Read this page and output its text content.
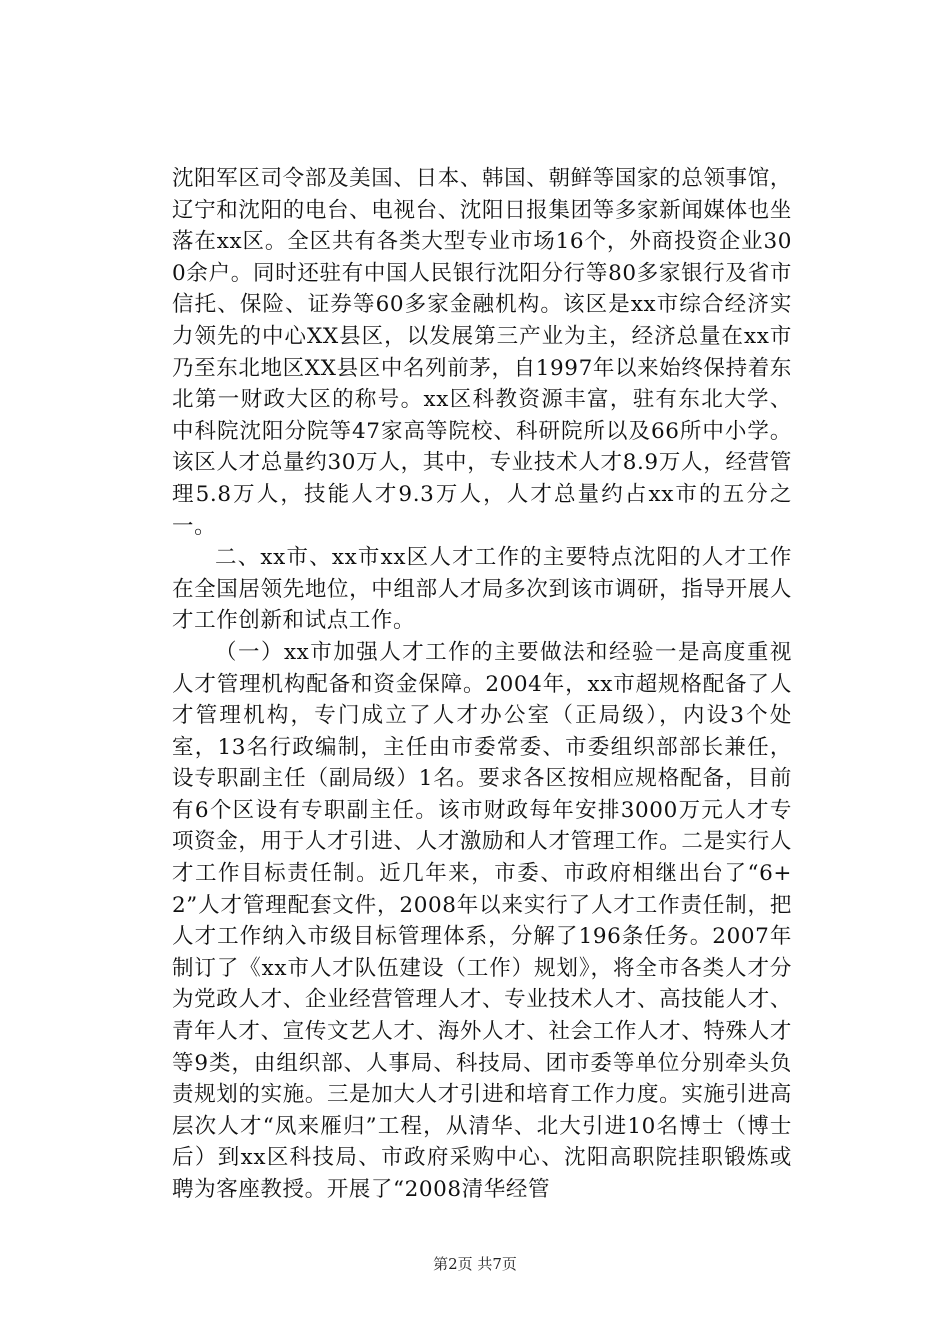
沈阳军区司令部及美国、日本、韩国、朝鲜等国家的总领事馆，辽宁和沈阳的电台、电视台、沈阳日报集团等多家新闻媒体也坐落在xx区。全区共有各类大型专业市场16个，外商投资企业300余户。同时还驻有中国人民银行沈阳分行等80多家银行及省市信托、保险、证券等60多家金融机构。该区是xx市综合经济实力领先的中心XX县区，以发展第三产业为主，经济总量在xx市乃至东北地区XX县区中名列前茅，自1997年以来始终保持着东北第一财政大区的称号。xx区科教资源丰富，驻有东北大学、中科院沈阳分院等47家高等院校、科研院所以及66所中小学。该区人才总量约30万人，其中，专业技术人才8.9万人，经营管理5.8万人，技能人才9.3万人，人才总量约占xx市的五分之一。

二、xx市、xx市xx区人才工作的主要特点沈阳的人才工作在全国居领先地位，中组部人才局多次到该市调研，指导开展人才工作创新和试点工作。

（一）xx市加强人才工作的主要做法和经验一是高度重视人才管理机构配备和资金保障。2004年，xx市超规格配备了人才管理机构，专门成立了人才办公室（正局级），内设3个处室，13名行政编制，主任由市委常委、市委组织部部长兼任，设专职副主任（副局级）1名。要求各区按相应规格配备，目前有6个区设有专职副主任。该市财政每年安排3000万元人才专项资金，用于人才引进、人才激励和人才管理工作。二是实行人才工作目标责任制。近几年来，市委、市政府相继出台了“6+2”人才管理配套文件，2008年以来实行了人才工作责任制，把人才工作纳入市级目标管理体系，分解了196条任务。2007年制订了《xx市人才队伍建设（工作）规划》，将全市各类人才分为党政人才、企业经营管理人才、专业技术人才、高技能人才、青年人才、宣传文艺人才、海外人才、社会工作人才、特殊人才等9类，由组织部、人事局、科技局、团市委等单位分别牵头负责规划的实施。三是加大人才引进和培育工作力度。实施引进高层次人才“凤来雁归”工程，从清华、北大引进10名博士（博士后）到xx区科技局、市政府采购中心、沈阳高职院挂职锻炼或聘为客座教授。开展了“2008清华经管

第2页 共7页
